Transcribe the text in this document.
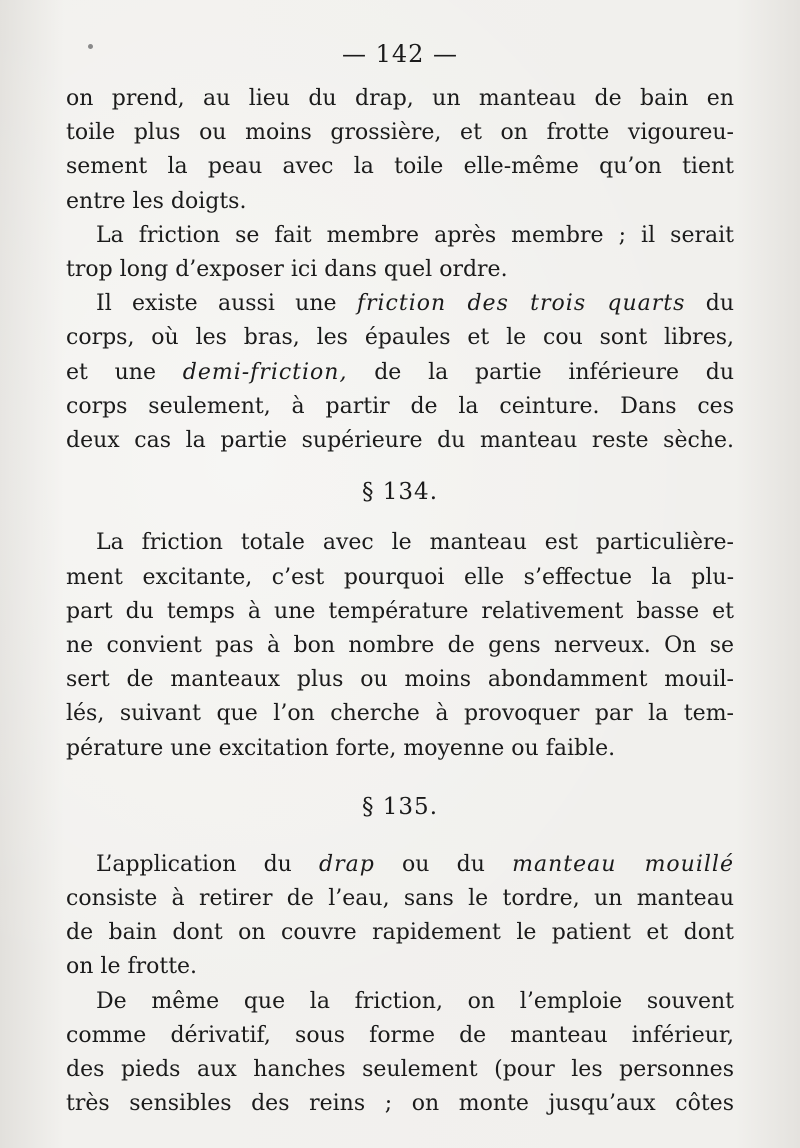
— 142 —
on prend, au lieu du drap, un manteau de bain en
toile plus ou moins grossière, et on frotte vigoureu-
sement la peau avec la toile elle-même qu’on tient
entre les doigts.
La friction se fait membre après membre ; il serait
trop long d’exposer ici dans quel ordre.
Il existe aussi une friction des trois quarts du
corps, où les bras, les épaules et le cou sont libres,
et une demi-friction, de la partie inférieure du
corps seulement, à partir de la ceinture. Dans ces
deux cas la partie supérieure du manteau reste sèche.
§ 134.
La friction totale avec le manteau est particulière-
ment excitante, c’est pourquoi elle s’effectue la plu-
part du temps à une température relativement basse et
ne convient pas à bon nombre de gens nerveux. On se
sert de manteaux plus ou moins abondamment mouil-
lés, suivant que l’on cherche à provoquer par la tem-
pérature une excitation forte, moyenne ou faible.
§ 135.
L’application du drap ou du manteau mouillé
consiste à retirer de l’eau, sans le tordre, un manteau
de bain dont on couvre rapidement le patient et dont
on le frotte.
De même que la friction, on l’emploie souvent
comme dérivatif, sous forme de manteau inférieur,
des pieds aux hanches seulement (pour les personnes
très sensibles des reins ; on monte jusqu’aux côtes
